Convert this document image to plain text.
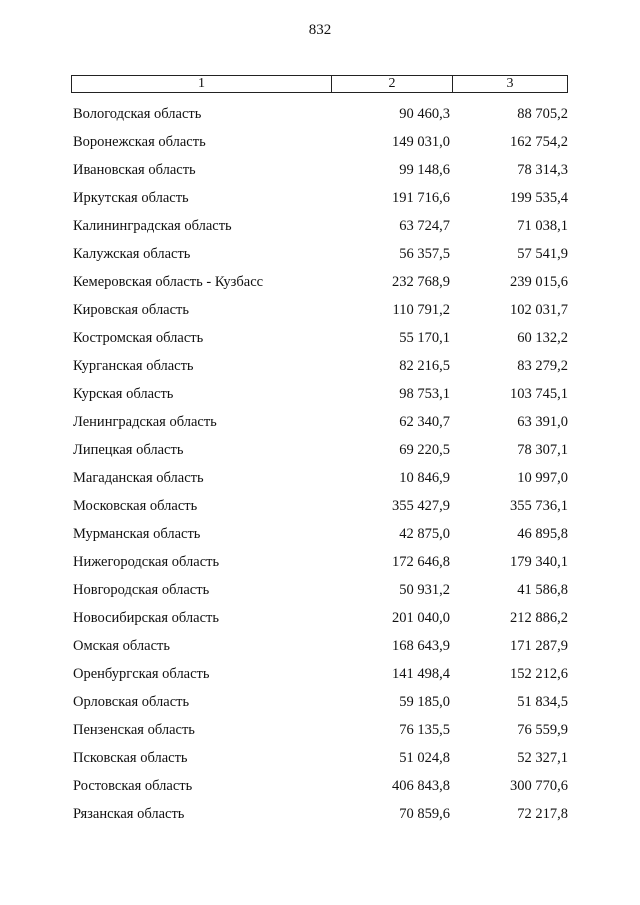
832
1	2	3
Вологодская область	90 460,3	88 705,2
Воронежская область	149 031,0	162 754,2
Ивановская область	99 148,6	78 314,3
Иркутская область	191 716,6	199 535,4
Калининградская область	63 724,7	71 038,1
Калужская область	56 357,5	57 541,9
Кемеровская область - Кузбасс	232 768,9	239 015,6
Кировская область	110 791,2	102 031,7
Костромская область	55 170,1	60 132,2
Курганская область	82 216,5	83 279,2
Курская область	98 753,1	103 745,1
Ленинградская область	62 340,7	63 391,0
Липецкая область	69 220,5	78 307,1
Магаданская область	10 846,9	10 997,0
Московская область	355 427,9	355 736,1
Мурманская область	42 875,0	46 895,8
Нижегородская область	172 646,8	179 340,1
Новгородская область	50 931,2	41 586,8
Новосибирская область	201 040,0	212 886,2
Омская область	168 643,9	171 287,9
Оренбургская область	141 498,4	152 212,6
Орловская область	59 185,0	51 834,5
Пензенская область	76 135,5	76 559,9
Псковская область	51 024,8	52 327,1
Ростовская область	406 843,8	300 770,6
Рязанская область	70 859,6	72 217,8
